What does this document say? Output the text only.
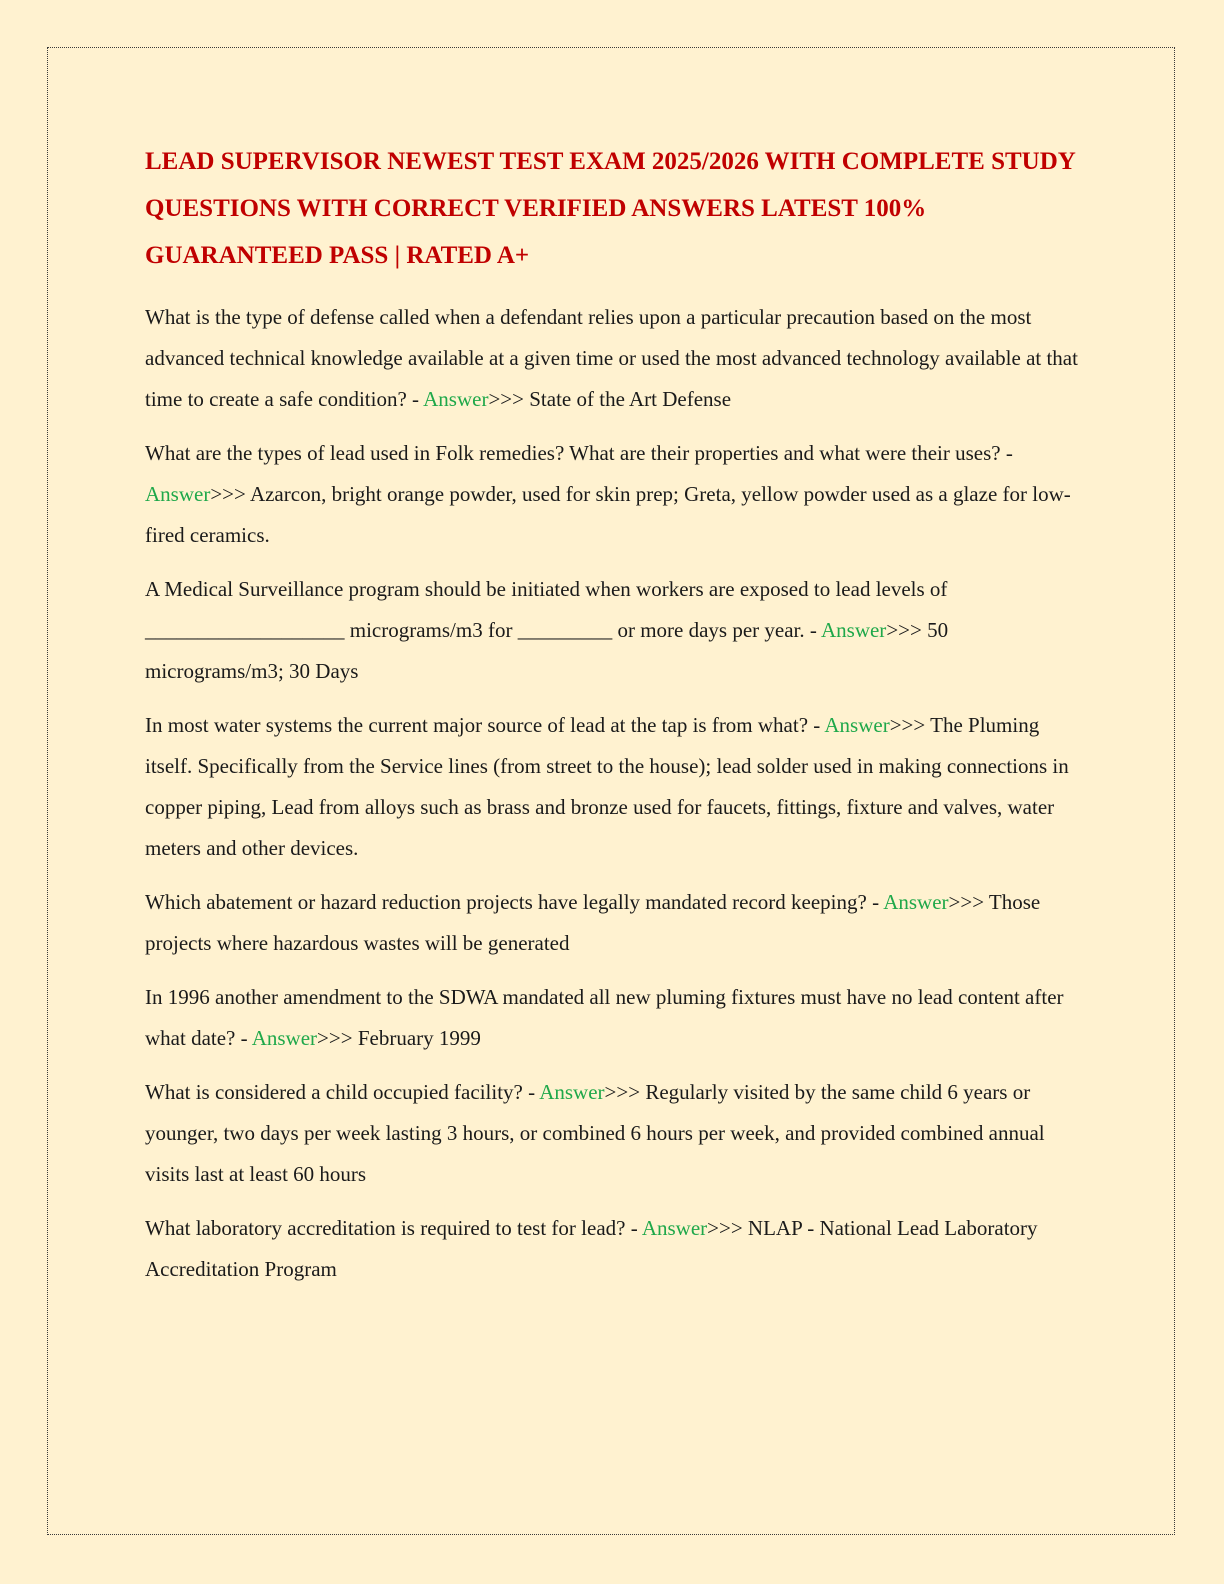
LEAD SUPERVISOR NEWEST TEST EXAM 2025/2026 WITH COMPLETE STUDY QUESTIONS WITH CORRECT VERIFIED ANSWERS LATEST 100% GUARANTEED PASS | RATED A+

What is the type of defense called when a defendant relies upon a particular precaution based on the most advanced technical knowledge available at a given time or used the most advanced technology available at that time to create a safe condition? - Answer>>> State of the Art Defense

What are the types of lead used in Folk remedies? What are their properties and what were their uses? - Answer>>> Azarcon, bright orange powder, used for skin prep; Greta, yellow powder used as a glaze for low-fired ceramics.

A Medical Surveillance program should be initiated when workers are exposed to lead levels of ___________________ micrograms/m3 for _________ or more days per year. - Answer>>> 50 micrograms/m3; 30 Days

In most water systems the current major source of lead at the tap is from what? - Answer>>> The Pluming itself. Specifically from the Service lines (from street to the house); lead solder used in making connections in copper piping, Lead from alloys such as brass and bronze used for faucets, fittings, fixture and valves, water meters and other devices.

Which abatement or hazard reduction projects have legally mandated record keeping? - Answer>>> Those projects where hazardous wastes will be generated

In 1996 another amendment to the SDWA mandated all new pluming fixtures must have no lead content after what date? - Answer>>> February 1999

What is considered a child occupied facility? - Answer>>> Regularly visited by the same child 6 years or younger, two days per week lasting 3 hours, or combined 6 hours per week, and provided combined annual visits last at least 60 hours

What laboratory accreditation is required to test for lead? - Answer>>> NLAP - National Lead Laboratory Accreditation Program
